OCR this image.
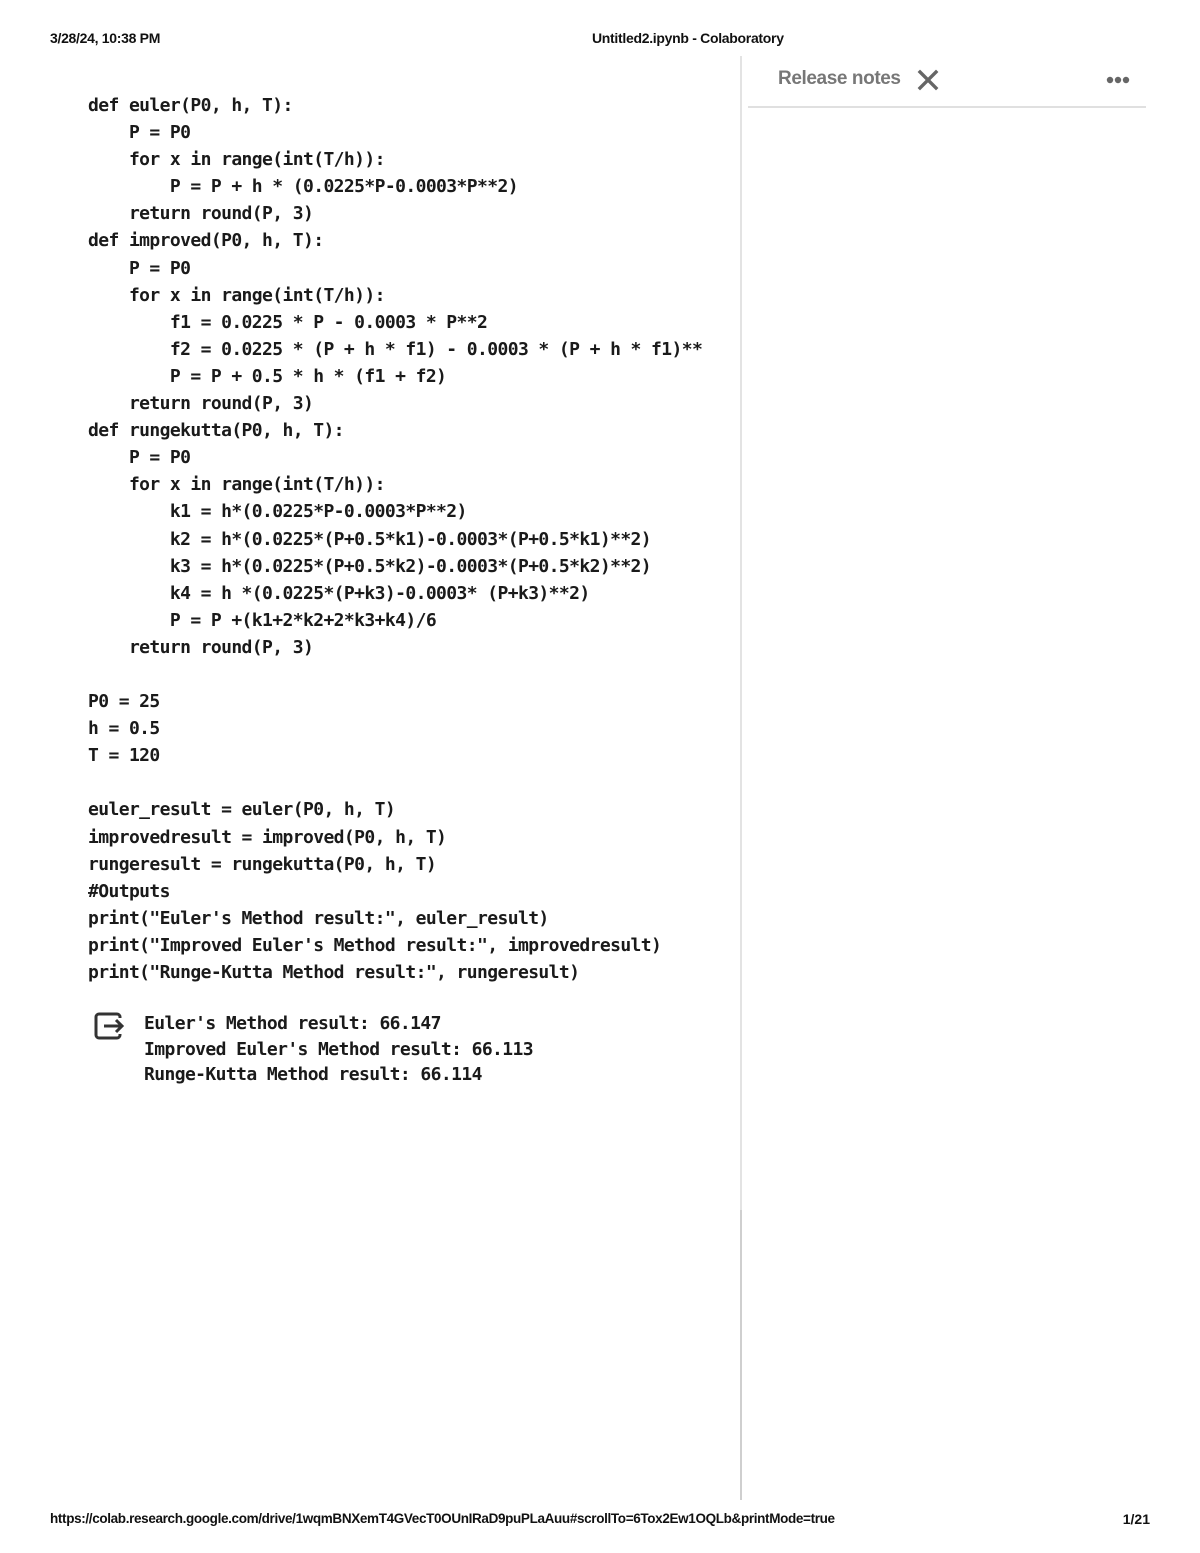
3/28/24, 10:38 PM	Untitled2.ipynb - Colaboratory
def euler(P0, h, T):
P = P0
for x in range(int(T/h)):
P = P + h * (0.0225*P-0.0003*P**2)
return round(P, 3)
def improved(P0, h, T):
P = P0
for x in range(int(T/h)):
f1 = 0.0225 * P - 0.0003 * P**2
f2 = 0.0225 * (P + h * f1) - 0.0003 * (P + h * f1)**
P = P + 0.5 * h * (f1 + f2)
return round(P, 3)
def rungekutta(P0, h, T):
P = P0
for x in range(int(T/h)):
k1 = h*(0.0225*P-0.0003*P**2)
k2 = h*(0.0225*(P+0.5*k1)-0.0003*(P+0.5*k1)**2)
k3 = h*(0.0225*(P+0.5*k2)-0.0003*(P+0.5*k2)**2)
k4 = h *(0.0225*(P+k3)-0.0003* (P+k3)**2)
P = P +(k1+2*k2+2*k3+k4)/6
return round(P, 3)
P0 = 25
h = 0.5
T = 120
euler_result = euler(P0, h, T)
improvedresult = improved(P0, h, T)
rungeresult = rungekutta(P0, h, T)
#Outputs
print("Euler's Method result:", euler_result)
print("Improved Euler's Method result:", improvedresult)
print("Runge-Kutta Method result:", rungeresult)
Euler's Method result: 66.147
Improved Euler's Method result: 66.113
Runge-Kutta Method result: 66.114
Release notes
https://colab.research.google.com/drive/1wqmBNXemT4GVecT0OUnIRaD9puPLaAuu#scrollTo=6Tox2Ew1OQLb&printMode=true	1/21
